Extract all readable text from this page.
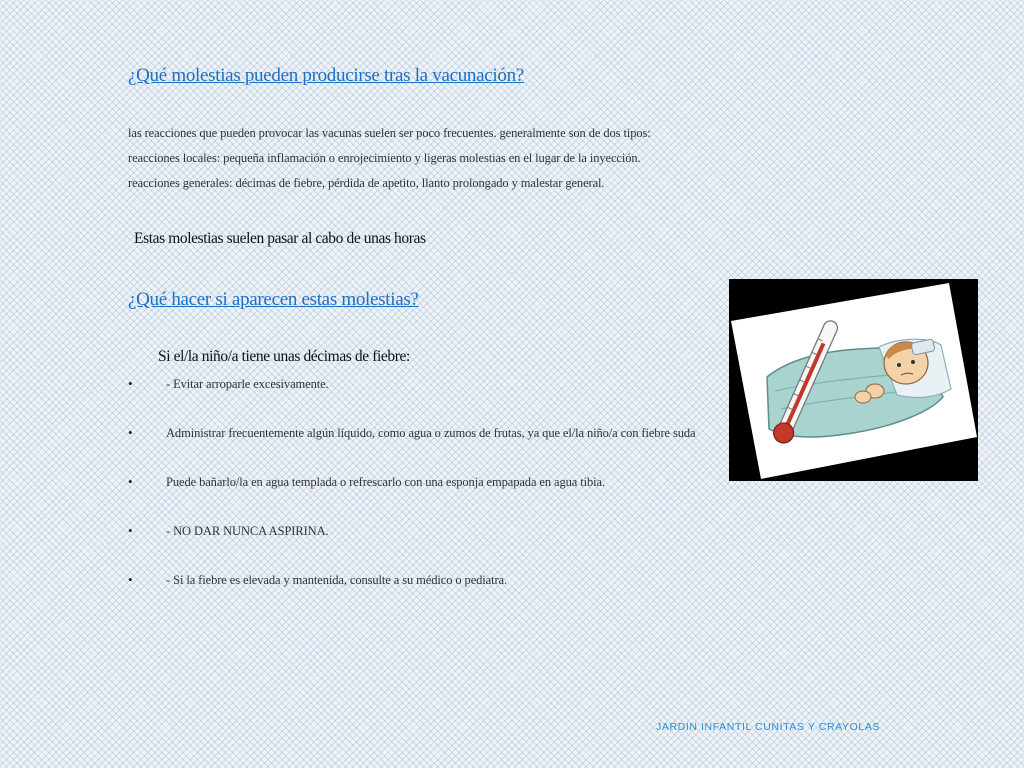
¿Qué molestias pueden producirse tras la vacunación?
las reacciones que pueden provocar las vacunas suelen ser poco frecuentes. generalmente son de dos tipos:
reacciones locales: pequeña inflamación o enrojecimiento y ligeras molestias en el lugar de la inyección.
reacciones generales: décimas de fiebre, pérdida de apetito, llanto prolongado y malestar general.
Estas molestias suelen pasar al cabo de unas horas
¿Qué hacer si aparecen estas molestias?
Si el/la niño/a tiene unas décimas de fiebre:
•	- Evitar arroparle excesivamente.
•	Administrar frecuentemente algún líquido, como agua o zumos de frutas, ya que el/la niño/a con fiebre suda
•	Puede bañarlo/la en agua templada o refrescarlo con una esponja empapada en agua tibia.
•	- NO DAR NUNCA ASPIRINA.
•	- Si la fiebre es elevada y mantenida, consulte a su médico o pediatra.
JARDIN INFANTIL CUNITAS Y CRAYOLAS
